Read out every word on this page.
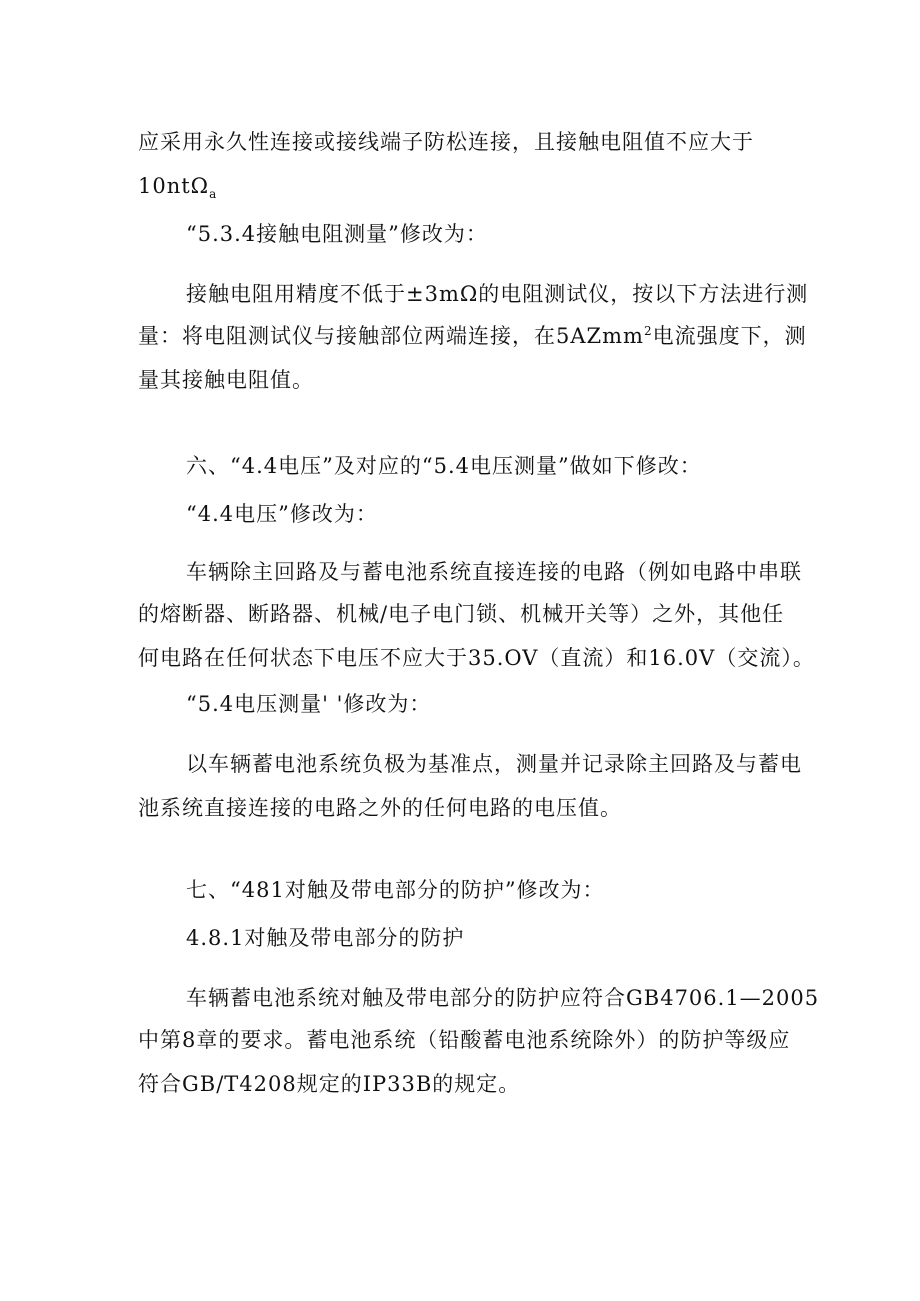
应采用永久性连接或接线端子防松连接，且接触电阻值不应大于
10ntΩ$_a$
“5.3.4接触电阻测量”修改为：
接触电阻用精度不低于±3mΩ的电阻测试仪，按以下方法进行测
量：将电阻测试仪与接触部位两端连接，在5AZmm$^2$电流强度下，测
量其接触电阻值。
六、“4.4电压”及对应的“5.4电压测量”做如下修改：
“4.4电压”修改为：
车辆除主回路及与蓄电池系统直接连接的电路（例如电路中串联
的熔断器、断路器、机械/电子电门锁、机械开关等）之外，其他任
何电路在任何状态下电压不应大于35.OV（直流）和16.0V（交流）。
“5.4电压测量' '修改为：
以车辆蓄电池系统负极为基准点，测量并记录除主回路及与蓄电
池系统直接连接的电路之外的任何电路的电压值。
七、“481对触及带电部分的防护”修改为：
4.8.1对触及带电部分的防护
车辆蓄电池系统对触及带电部分的防护应符合GB4706.1—2005
中第8章的要求。蓄电池系统（铅酸蓄电池系统除外）的防护等级应
符合GB/T4208规定的IP33B的规定。
